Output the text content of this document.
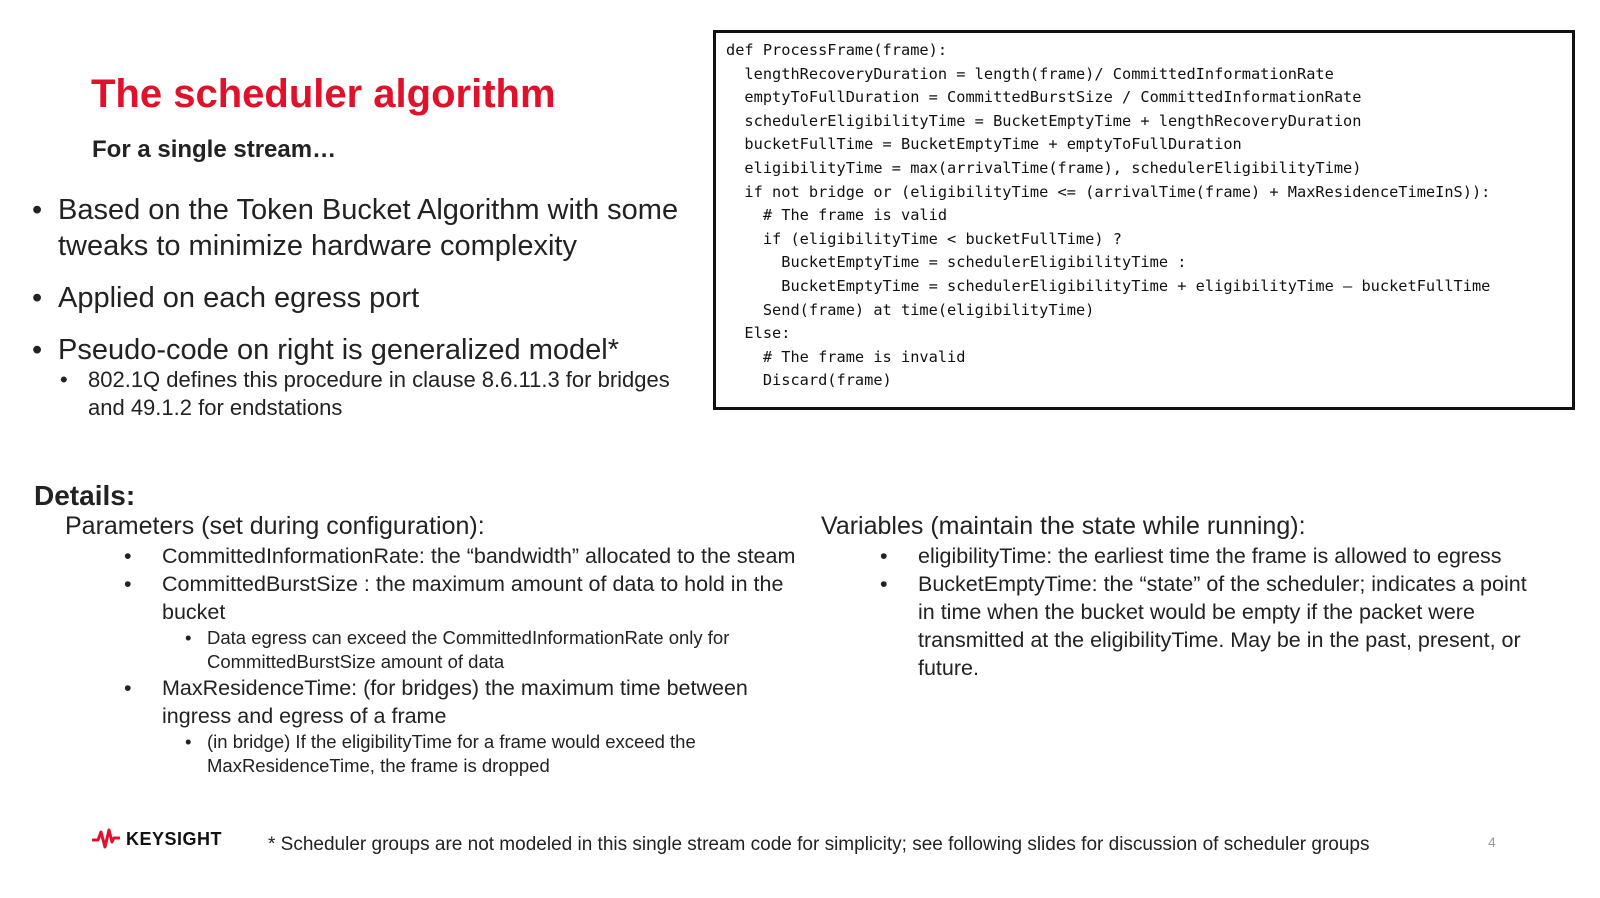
The scheduler algorithm
For a single stream…
• Based on the Token Bucket Algorithm with some tweaks to minimize hardware complexity
• Applied on each egress port
• Pseudo-code on right is generalized model*
• 802.1Q defines this procedure in clause 8.6.11.3 for bridges and 49.1.2 for endstations
def ProcessFrame(frame):
lengthRecoveryDuration = length(frame)/ CommittedInformationRate
emptyToFullDuration = CommittedBurstSize / CommittedInformationRate
schedulerEligibilityTime = BucketEmptyTime + lengthRecoveryDuration
bucketFullTime = BucketEmptyTime + emptyToFullDuration
eligibilityTime = max(arrivalTime(frame), schedulerEligibilityTime)
if not bridge or (eligibilityTime <= (arrivalTime(frame) + MaxResidenceTimeInS)):
# The frame is valid
if (eligibilityTime < bucketFullTime) ?
BucketEmptyTime = schedulerEligibilityTime :
BucketEmptyTime = schedulerEligibilityTime + eligibilityTime – bucketFullTime
Send(frame) at time(eligibilityTime)
Else:
# The frame is invalid
Discard(frame)
Details:
Parameters (set during configuration):
• CommittedInformationRate: the “bandwidth” allocated to the steam
• CommittedBurstSize : the maximum amount of data to hold in the bucket
• Data egress can exceed the CommittedInformationRate only for CommittedBurstSize amount of data
• MaxResidenceTime: (for bridges) the maximum time between ingress and egress of a frame
• (in bridge) If the eligibilityTime for a frame would exceed the MaxResidenceTime, the frame is dropped
Variables (maintain the state while running):
• eligibilityTime: the earliest time the frame is allowed to egress
• BucketEmptyTime: the “state” of the scheduler; indicates a point in time when the bucket would be empty if the packet were transmitted at the eligibilityTime. May be in the past, present, or future.
KEYSIGHT * Scheduler groups are not modeled in this single stream code for simplicity; see following slides for discussion of scheduler groups	4
